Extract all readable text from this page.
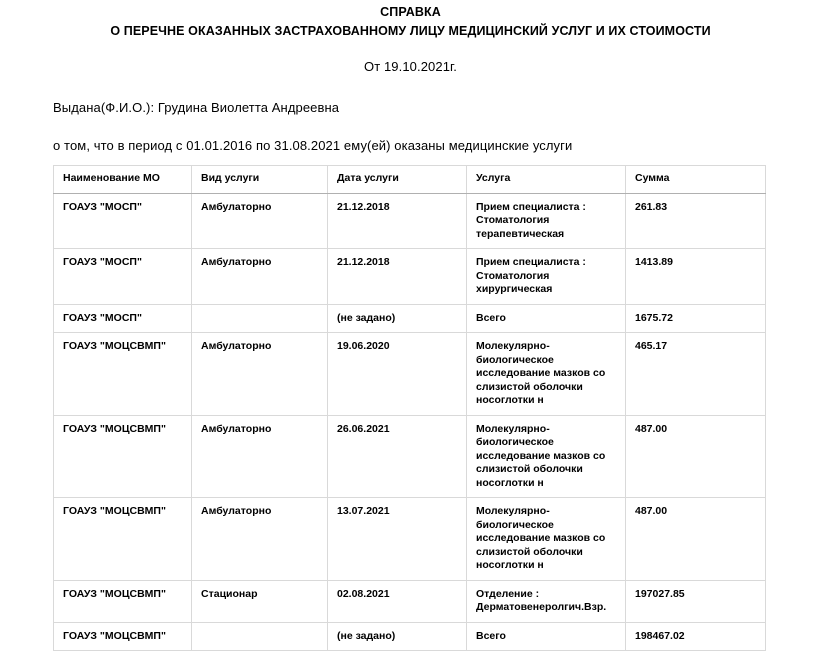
СПРАВКА
О ПЕРЕЧНЕ ОКАЗАННЫХ ЗАСТРАХОВАННОМУ ЛИЦУ МЕДИЦИНСКИЙ УСЛУГ И ИХ СТОИМОСТИ
От 19.10.2021г.
Выдана(Ф.И.О.): Грудина Виолетта Андреевна
о том, что в период с 01.01.2016 по 31.08.2021 ему(ей) оказаны медицинские услуги
Наименование МО	Вид услуги	Дата услуги	Услуга	Сумма
ГОАУЗ "МОСП"	Амбулаторно	21.12.2018	Прием специалиста :
Стоматология
терапевтическая	261.83
ГОАУЗ "МОСП"	Амбулаторно	21.12.2018	Прием специалиста :
Стоматология хирургическая	1413.89
ГОАУЗ "МОСП"		(не задано)	Всего	1675.72
ГОАУЗ "МОЦСВМП"	Амбулаторно	19.06.2020	Молекулярно-биологическое
исследование мазков со
слизистой оболочки
носоглотки н	465.17
ГОАУЗ "МОЦСВМП"	Амбулаторно	26.06.2021	Молекулярно-биологическое
исследование мазков со
слизистой оболочки
носоглотки н	487.00
ГОАУЗ "МОЦСВМП"	Амбулаторно	13.07.2021	Молекулярно-биологическое
исследование мазков со
слизистой оболочки
носоглотки н	487.00
ГОАУЗ "МОЦСВМП"	Стационар	02.08.2021	Отделение :
Дерматовенеролгич.Взр.	197027.85
ГОАУЗ "МОЦСВМП"		(не задано)	Всего	198467.02
